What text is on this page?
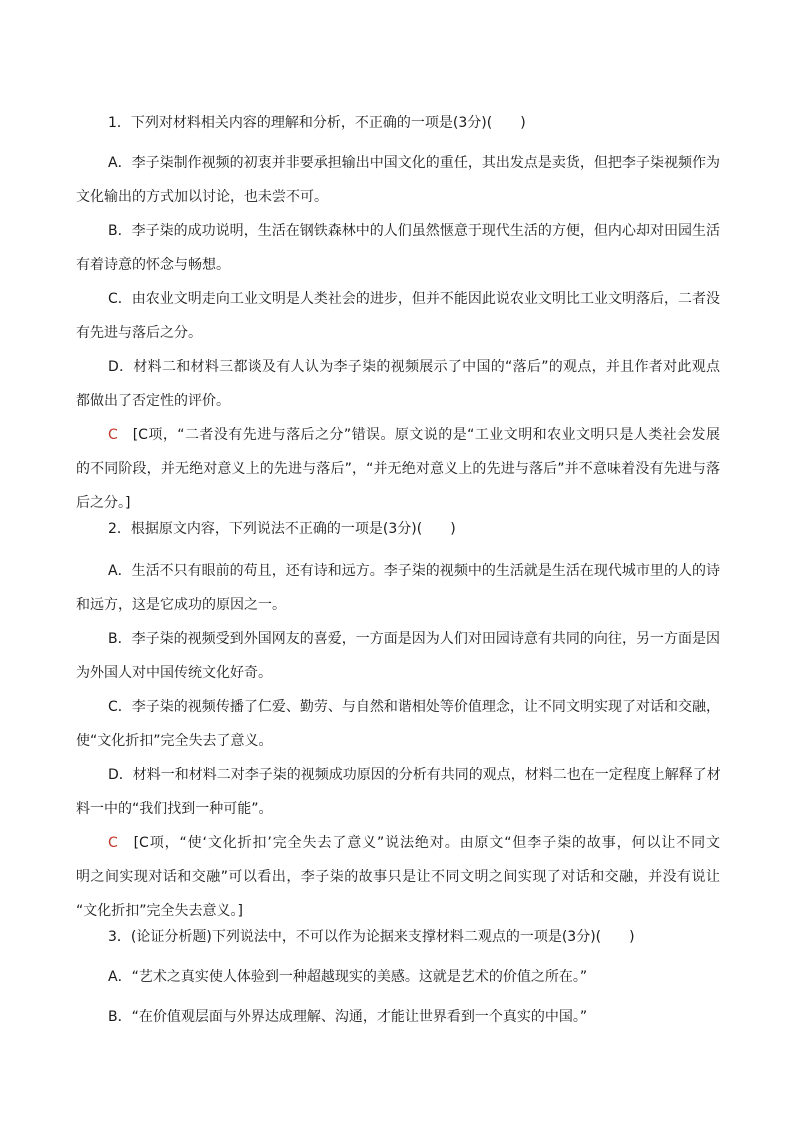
1．下列对材料相关内容的理解和分析，不正确的一项是(3分)(　　)

A．李子柒制作视频的初衷并非要承担输出中国文化的重任，其出发点是卖货，但把李子柒视频作为
文化输出的方式加以讨论，也未尝不可。

B．李子柒的成功说明，生活在钢铁森林中的人们虽然惬意于现代生活的方便，但内心却对田园生活
有着诗意的怀念与畅想。

C．由农业文明走向工业文明是人类社会的进步，但并不能因此说农业文明比工业文明落后，二者没
有先进与落后之分。

D．材料二和材料三都谈及有人认为李子柒的视频展示了中国的“落后”的观点，并且作者对此观点
都做出了否定性的评价。

C　 [C项，“二者没有先进与落后之分”错误。原文说的是“工业文明和农业文明只是人类社会发展
的不同阶段，并无绝对意义上的先进与落后”，“并无绝对意义上的先进与落后”并不意味着没有先进与落
后之分。]

2．根据原文内容，下列说法不正确的一项是(3分)(　　)

A．生活不只有眼前的苟且，还有诗和远方。李子柒的视频中的生活就是生活在现代城市里的人的诗
和远方，这是它成功的原因之一。

B．李子柒的视频受到外国网友的喜爱，一方面是因为人们对田园诗意有共同的向往，另一方面是因
为外国人对中国传统文化好奇。

C．李子柒的视频传播了仁爱、勤劳、与自然和谐相处等价值理念，让不同文明实现了对话和交融，
使“文化折扣”完全失去了意义。

D．材料一和材料二对李子柒的视频成功原因的分析有共同的观点，材料二也在一定程度上解释了材
料一中的“我们找到一种可能”。

C　 [C项，“使‘文化折扣’完全失去了意义”说法绝对。由原文“但李子柒的故事，何以让不同文
明之间实现对话和交融”可以看出，李子柒的故事只是让不同文明之间实现了对话和交融，并没有说让
“文化折扣”完全失去意义。]

3．(论证分析题)下列说法中，不可以作为论据来支撑材料二观点的一项是(3分)(　　)

A．“艺术之真实使人体验到一种超越现实的美感。这就是艺术的价值之所在。”

B．“在价值观层面与外界达成理解、沟通，才能让世界看到一个真实的中国。”
